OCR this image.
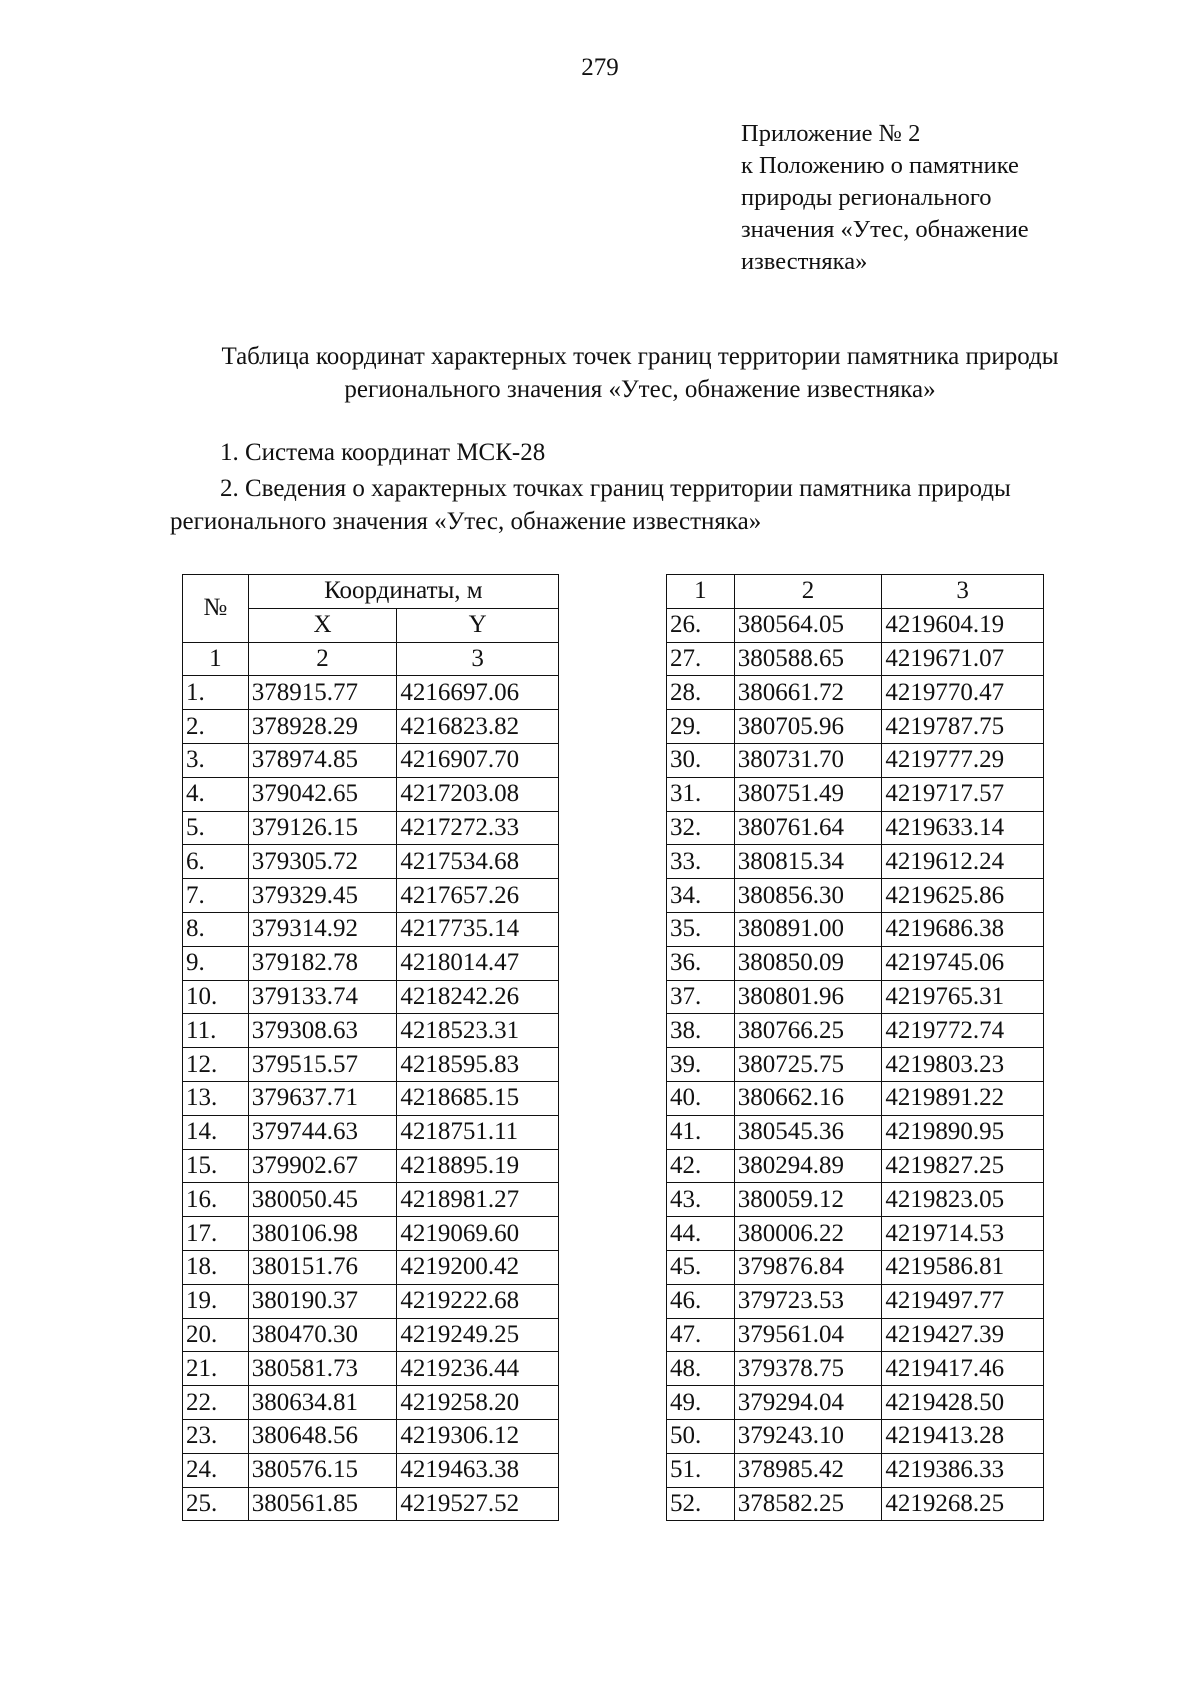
279
Приложение № 2
к Положению о памятнике
природы регионального
значения «Утес, обнажение
известняка»
Таблица координат характерных точек границ территории памятника природы регионального значения «Утес, обнажение известняка»
1. Система координат МСК-28
2. Сведения о характерных точках границ территории памятника природы регионального значения «Утес, обнажение известняка»
№	Координаты, м	
	X	Y
1	2	3
1.	378915.77	4216697.06
2.	378928.29	4216823.82
3.	378974.85	4216907.70
4.	379042.65	4217203.08
5.	379126.15	4217272.33
6.	379305.72	4217534.68
7.	379329.45	4217657.26
8.	379314.92	4217735.14
9.	379182.78	4218014.47
10.	379133.74	4218242.26
11.	379308.63	4218523.31
12.	379515.57	4218595.83
13.	379637.71	4218685.15
14.	379744.63	4218751.11
15.	379902.67	4218895.19
16.	380050.45	4218981.27
17.	380106.98	4219069.60
18.	380151.76	4219200.42
19.	380190.37	4219222.68
20.	380470.30	4219249.25
21.	380581.73	4219236.44
22.	380634.81	4219258.20
23.	380648.56	4219306.12
24.	380576.15	4219463.38
25.	380561.85	4219527.52
1	2	3
26.	380564.05	4219604.19
27.	380588.65	4219671.07
28.	380661.72	4219770.47
29.	380705.96	4219787.75
30.	380731.70	4219777.29
31.	380751.49	4219717.57
32.	380761.64	4219633.14
33.	380815.34	4219612.24
34.	380856.30	4219625.86
35.	380891.00	4219686.38
36.	380850.09	4219745.06
37.	380801.96	4219765.31
38.	380766.25	4219772.74
39.	380725.75	4219803.23
40.	380662.16	4219891.22
41.	380545.36	4219890.95
42.	380294.89	4219827.25
43.	380059.12	4219823.05
44.	380006.22	4219714.53
45.	379876.84	4219586.81
46.	379723.53	4219497.77
47.	379561.04	4219427.39
48.	379378.75	4219417.46
49.	379294.04	4219428.50
50.	379243.10	4219413.28
51.	378985.42	4219386.33
52.	378582.25	4219268.25
